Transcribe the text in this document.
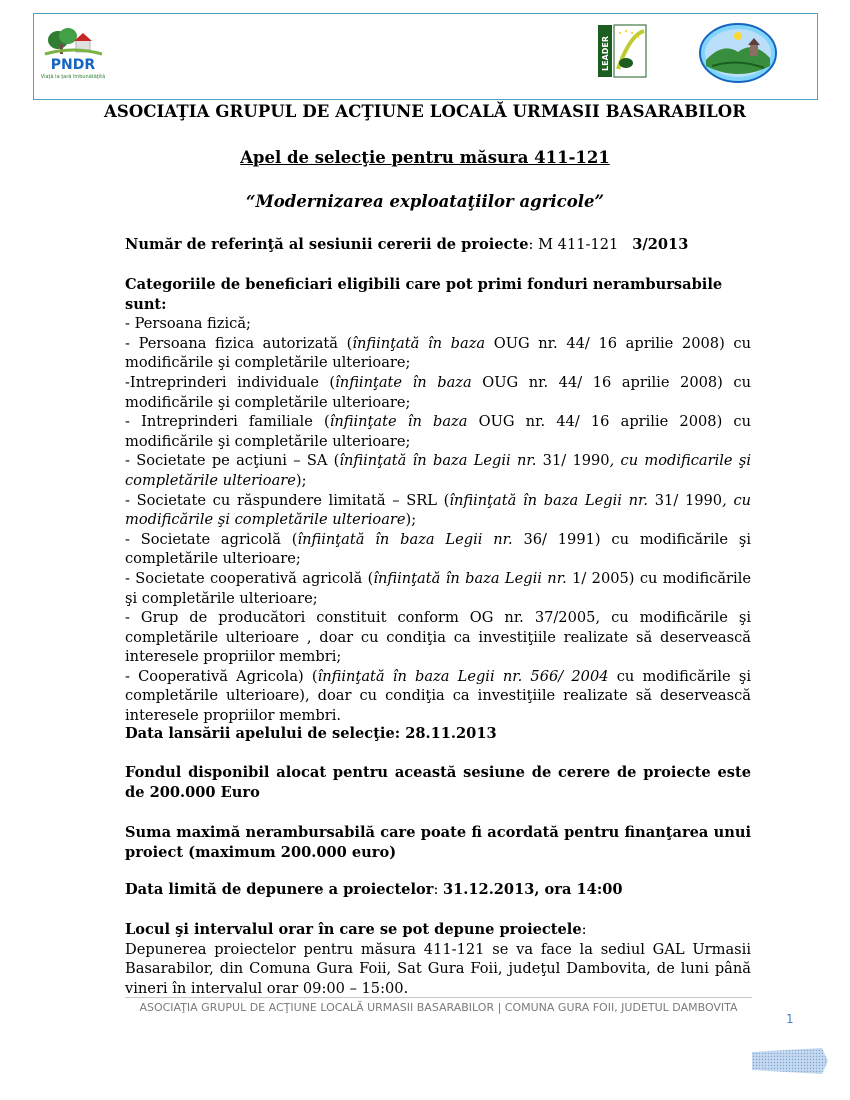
PNDR
Viaţă la ţară îmbunătăţită
LEADER
ASOCIAŢIA GRUPUL DE ACŢIUNE LOCALĂ URMASII BASARABILOR
Apel de selecţie pentru măsura 411-121
“Modernizarea exploataţiilor agricole”
Număr de referinţă al sesiunii cererii de proiecte: M 411-121 3/2013

Categoriile de beneficiari eligibili care pot primi fonduri nerambursabile sunt:

- Persoana fizică;

- Persoana fizica autorizată (înfiinţată în baza OUG nr. 44/ 16 aprilie 2008) cu modificările şi completările ulterioare;

-Intreprinderi individuale (înfiinţate în baza OUG nr. 44/ 16 aprilie 2008) cu modificările şi completările ulterioare;

- Intreprinderi familiale (înfiinţate în baza OUG nr. 44/ 16 aprilie 2008) cu modificările şi completările ulterioare;

- Societate pe acţiuni – SA (înfiinţată în baza Legii nr. 31/ 1990, cu modificarile şi completările ulterioare);

- Societate cu răspundere limitată – SRL (înfiinţată în baza Legii nr. 31/ 1990, cu modificările şi completările ulterioare);

- Societate agricolă (înfiinţată în baza Legii nr. 36/ 1991) cu modificările şi completările ulterioare;

- Societate cooperativă agricolă (înfiinţată în baza Legii nr. 1/ 2005) cu modificările şi completările ulterioare;

- Grup de producători constituit conform OG nr. 37/2005, cu modificările şi completările ulterioare , doar cu condiţia ca investiţiile realizate să deservească interesele propriilor membri;

- Cooperativă Agricola) (înfiinţată în baza Legii nr. 566/ 2004 cu modificările şi completările ulterioare), doar cu condiţia ca investiţiile realizate să deservească interesele propriilor membri.

Data lansării apelului de selecţie: 28.11.2013
Fondul disponibil alocat pentru această sesiune de cerere de proiecte este de 200.000 Euro
Suma maximă nerambursabilă care poate fi acordată pentru finanţarea unui proiect (maximum 200.000 euro)
Data limită de depunere a proiectelor: 31.12.2013, ora 14:00

Locul şi intervalul orar în care se pot depune proiectele:

Depunerea proiectelor pentru măsura 411-121 se va face la sediul GAL Urmasii Basarabilor, din Comuna Gura Foii, Sat Gura Foii, judeţul Dambovita, de luni până vineri în intervalul orar 09:00 – 15:00.

ASOCIAŢIA GRUPUL DE ACŢIUNE LOCALĂ URMASII BASARABILOR | COMUNA GURA FOII, JUDETUL DAMBOVITA
1
